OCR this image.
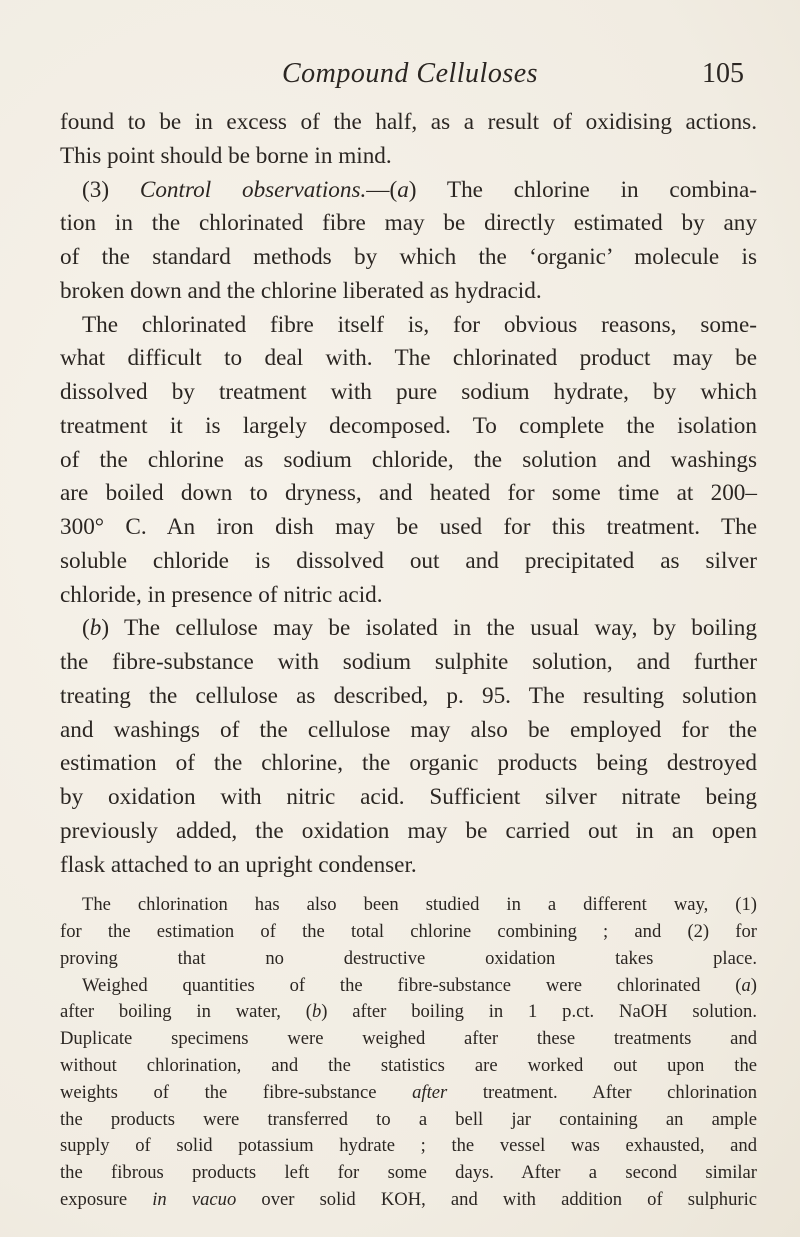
Compound Celluloses	105

found to be in excess of the half, as a result of oxidising actions.

This point should be borne in mind.

(3) Control observations.—(a) The chlorine in combina-

tion in the chlorinated fibre may be directly estimated by any

of the standard methods by which the ‘organic’ molecule is

broken down and the chlorine liberated as hydracid.

The chlorinated fibre itself is, for obvious reasons, some-

what difficult to deal with. The chlorinated product may be

dissolved by treatment with pure sodium hydrate, by which

treatment it is largely decomposed. To complete the isolation

of the chlorine as sodium chloride, the solution and washings

are boiled down to dryness, and heated for some time at 200–

300° C. An iron dish may be used for this treatment. The

soluble chloride is dissolved out and precipitated as silver

chloride, in presence of nitric acid.

(b) The cellulose may be isolated in the usual way, by boiling

the fibre-substance with sodium sulphite solution, and further

treating the cellulose as described, p. 95. The resulting solution

and washings of the cellulose may also be employed for the

estimation of the chlorine, the organic products being destroyed

by oxidation with nitric acid. Sufficient silver nitrate being

previously added, the oxidation may be carried out in an open

flask attached to an upright condenser.

The chlorination has also been studied in a different way, (1)

for the estimation of the total chlorine combining ; and (2) for

proving that no destructive oxidation takes place.

Weighed quantities of the fibre-substance were chlorinated (a)

after boiling in water, (b) after boiling in 1 p.ct. NaOH solution.

Duplicate specimens were weighed after these treatments and

without chlorination, and the statistics are worked out upon the

weights of the fibre-substance after treatment. After chlorination

the products were transferred to a bell jar containing an ample

supply of solid potassium hydrate ; the vessel was exhausted, and

the fibrous products left for some days. After a second similar

exposure in vacuo over solid KOH, and with addition of sulphuric
